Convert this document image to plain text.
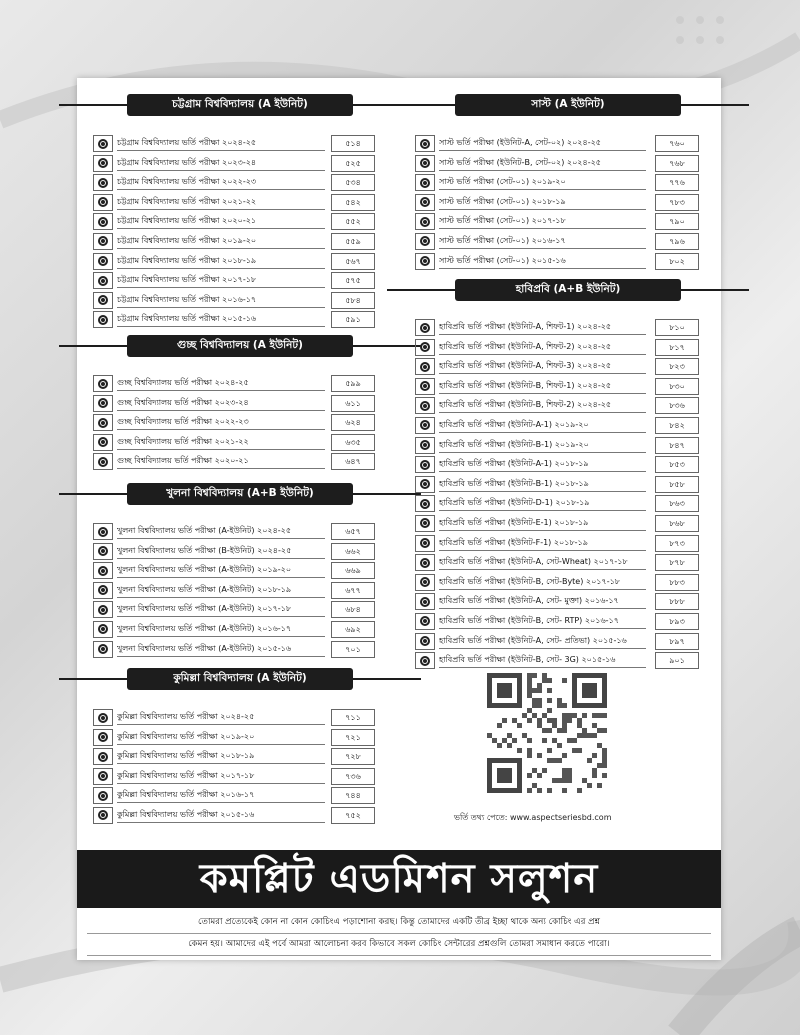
চট্টগ্রাম বিশ্ববিদ্যালয় (A ইউনিট)
চট্টগ্রাম বিশ্ববিদ্যালয় ভর্তি পরীক্ষা ২০২৪-২৫	৫১৪
চট্টগ্রাম বিশ্ববিদ্যালয় ভর্তি পরীক্ষা ২০২৩-২৪	৫২৫
চট্টগ্রাম বিশ্ববিদ্যালয় ভর্তি পরীক্ষা ২০২২-২৩	৫৩৪
চট্টগ্রাম বিশ্ববিদ্যালয় ভর্তি পরীক্ষা ২০২১-২২	৫৪২
চট্টগ্রাম বিশ্ববিদ্যালয় ভর্তি পরীক্ষা ২০২০-২১	৫৫২
চট্টগ্রাম বিশ্ববিদ্যালয় ভর্তি পরীক্ষা ২০১৯-২০	৫৫৯
চট্টগ্রাম বিশ্ববিদ্যালয় ভর্তি পরীক্ষা ২০১৮-১৯	৫৬৭
চট্টগ্রাম বিশ্ববিদ্যালয় ভর্তি পরীক্ষা ২০১৭-১৮	৫৭৫
চট্টগ্রাম বিশ্ববিদ্যালয় ভর্তি পরীক্ষা ২০১৬-১৭	৫৮৪
চট্টগ্রাম বিশ্ববিদ্যালয় ভর্তি পরীক্ষা ২০১৫-১৬	৫৯১
গুচ্ছ বিশ্ববিদ্যালয় (A ইউনিট)
গুচ্ছ বিশ্ববিদ্যালয় ভর্তি পরীক্ষা ২০২৪-২৫	৫৯৯
গুচ্ছ বিশ্ববিদ্যালয় ভর্তি পরীক্ষা ২০২৩-২৪	৬১১
গুচ্ছ বিশ্ববিদ্যালয় ভর্তি পরীক্ষা ২০২২-২৩	৬২৪
গুচ্ছ বিশ্ববিদ্যালয় ভর্তি পরীক্ষা ২০২১-২২	৬৩৫
গুচ্ছ বিশ্ববিদ্যালয় ভর্তি পরীক্ষা ২০২০-২১	৬৪৭
খুলনা বিশ্ববিদ্যালয় (A+B ইউনিট)
খুলনা বিশ্ববিদ্যালয় ভর্তি পরীক্ষা (A-ইউনিট) ২০২৪-২৫	৬৫৭
খুলনা বিশ্ববিদ্যালয় ভর্তি পরীক্ষা (B-ইউনিট) ২০২৪-২৫	৬৬২
খুলনা বিশ্ববিদ্যালয় ভর্তি পরীক্ষা (A-ইউনিট) ২০১৯-২০	৬৬৯
খুলনা বিশ্ববিদ্যালয় ভর্তি পরীক্ষা (A-ইউনিট) ২০১৮-১৯	৬৭৭
খুলনা বিশ্ববিদ্যালয় ভর্তি পরীক্ষা (A-ইউনিট) ২০১৭-১৮	৬৮৪
খুলনা বিশ্ববিদ্যালয় ভর্তি পরীক্ষা (A-ইউনিট) ২০১৬-১৭	৬৯২
খুলনা বিশ্ববিদ্যালয় ভর্তি পরীক্ষা (A-ইউনিট) ২০১৫-১৬	৭০১
কুমিল্লা বিশ্ববিদ্যালয় (A ইউনিট)
কুমিল্লা বিশ্ববিদ্যালয় ভর্তি পরীক্ষা ২০২৪-২৫	৭১১
কুমিল্লা বিশ্ববিদ্যালয় ভর্তি পরীক্ষা ২০১৯-২০	৭২১
কুমিল্লা বিশ্ববিদ্যালয় ভর্তি পরীক্ষা ২০১৮-১৯	৭২৮
কুমিল্লা বিশ্ববিদ্যালয় ভর্তি পরীক্ষা ২০১৭-১৮	৭৩৬
কুমিল্লা বিশ্ববিদ্যালয় ভর্তি পরীক্ষা ২০১৬-১৭	৭৪৪
কুমিল্লা বিশ্ববিদ্যালয় ভর্তি পরীক্ষা ২০১৫-১৬	৭৫২
সাস্ট (A ইউনিট)
সাস্ট ভর্তি পরীক্ষা (ইউনিট-A, সেট-০২) ২০২৪-২৫	৭৬০
সাস্ট ভর্তি পরীক্ষা (ইউনিট-B, সেট-০২) ২০২৪-২৫	৭৬৮
সাস্ট ভর্তি পরীক্ষা (সেট-০১) ২০১৯-২০	৭৭৬
সাস্ট ভর্তি পরীক্ষা (সেট-০১) ২০১৮-১৯	৭৮৩
সাস্ট ভর্তি পরীক্ষা (সেট-০১) ২০১৭-১৮	৭৯০
সাস্ট ভর্তি পরীক্ষা (সেট-০১) ২০১৬-১৭	৭৯৬
সাস্ট ভর্তি পরীক্ষা (সেট-০১) ২০১৫-১৬	৮০২
হাবিপ্রবি (A+B ইউনিট)
হাবিপ্রবি ভর্তি পরীক্ষা (ইউনিট-A, শিফট-1) ২০২৪-২৫	৮১০
হাবিপ্রবি ভর্তি পরীক্ষা (ইউনিট-A, শিফট-2) ২০২৪-২৫	৮১৭
হাবিপ্রবি ভর্তি পরীক্ষা (ইউনিট-A, শিফট-3) ২০২৪-২৫	৮২৩
হাবিপ্রবি ভর্তি পরীক্ষা (ইউনিট-B, শিফট-1) ২০২৪-২৫	৮৩০
হাবিপ্রবি ভর্তি পরীক্ষা (ইউনিট-B, শিফট-2) ২০২৪-২৫	৮৩৬
হাবিপ্রবি ভর্তি পরীক্ষা (ইউনিট-A-1) ২০১৯-২০	৮৪২
হাবিপ্রবি ভর্তি পরীক্ষা (ইউনিট-B-1) ২০১৯-২০	৮৪৭
হাবিপ্রবি ভর্তি পরীক্ষা (ইউনিট-A-1) ২০১৮-১৯	৮৫৩
হাবিপ্রবি ভর্তি পরীক্ষা (ইউনিট-B-1) ২০১৮-১৯	৮৫৮
হাবিপ্রবি ভর্তি পরীক্ষা (ইউনিট-D-1) ২০১৮-১৯	৮৬৩
হাবিপ্রবি ভর্তি পরীক্ষা (ইউনিট-E-1) ২০১৮-১৯	৮৬৮
হাবিপ্রবি ভর্তি পরীক্ষা (ইউনিট-F-1) ২০১৮-১৯	৮৭৩
হাবিপ্রবি ভর্তি পরীক্ষা (ইউনিট-A, সেট-Wheat) ২০১৭-১৮	৮৭৮
হাবিপ্রবি ভর্তি পরীক্ষা (ইউনিট-B, সেট-Byte) ২০১৭-১৮	৮৮৩
হাবিপ্রবি ভর্তি পরীক্ষা (ইউনিট-A, সেট- মুক্তা) ২০১৬-১৭	৮৮৮
হাবিপ্রবি ভর্তি পরীক্ষা (ইউনিট-B, সেট- RTP) ২০১৬-১৭	৮৯৩
হাবিপ্রবি ভর্তি পরীক্ষা (ইউনিট-A, সেট- প্রতিভা) ২০১৫-১৬	৮৯৭
হাবিপ্রবি ভর্তি পরীক্ষা (ইউনিট-B, সেট- 3G) ২০১৫-১৬	৯০১
ভর্তি তথ্য পেতে: www.aspectseriesbd.com
কমপ্লিট এডমিশন সলুশন

তোমরা প্রত্যেকেই কোন না কোন কোচিংএ পড়াশোনা করছ। কিন্তু তোমাদের একটি তীব্র ইচ্ছা থাকে অন্য কোচিং এর প্রশ্ন

কেমন হয়। আমাদের এই পর্বে আমরা আলোচনা করব কিভাবে সকল কোচিং সেন্টারের প্রশ্নগুলি তোমরা সমাধান করতে পারো।
